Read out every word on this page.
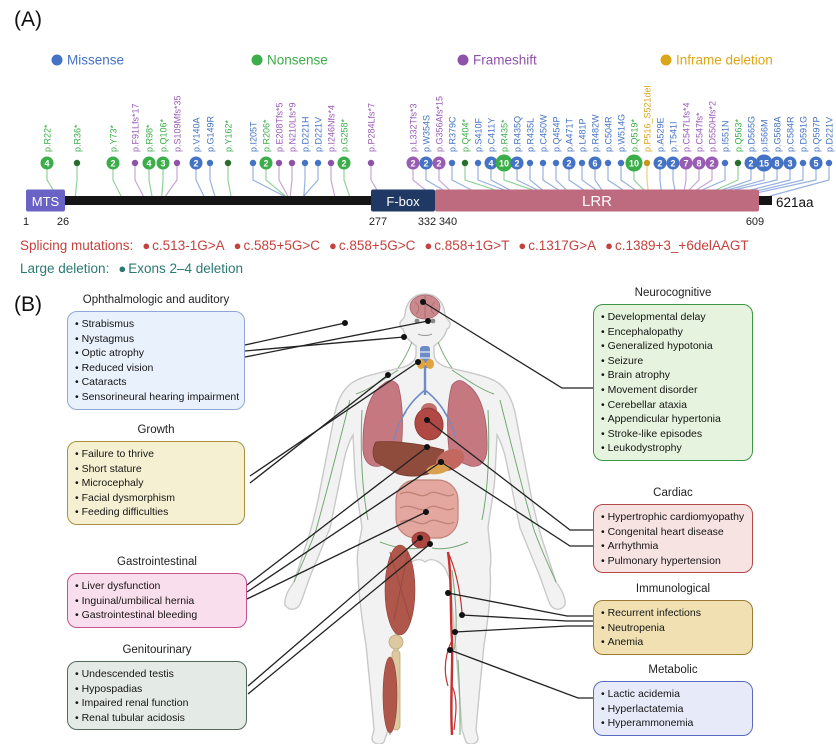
(A)
Missense	Nonsense	Frameshift	Inframe deletion
MTS	F-box	LRR
1	26	277	332 340	609
621aa
4	2	4 3	2	2	2	2 2 2	4 10 2	2 6	10 2 2 7 8 2	2 15 8 3 5
p.R22* p.R36*	p.Y73* p.F91Lfs*17 p.R98* p.Q106* p.S109Mfs*35 p.V140A p.G149R p.Y162* p.I205T p.R206* p.E208Tfs*5 p.N210Lfs*9 p.D221H p.D221V p.I246Nfs*4 p.G258* p.P284Lfs*7	p.L332Tfs*3 p.W354S p.G356Afs*15 p.R379C p.Q404* p.S410F p.C411Y p.R435* p.R435Q p.R435L p.C450W p.Q454P p.A471T p.L481P p.R482W p.C504R p.W514G p.Q519* p.P516_S521del p.A529E p.T541I p.C547Lfs*4 p.C547fs* p.D550Hfs*2 p.I551N p.Q563* p.D565G p.I566M p.G568A p.C584R p.D591G p.Q597P p.D221V
Splicing mutations: ● c.513-1G>A ● c.585+5G>C ● c.858+5G>C ● c.858+1G>T ● c.1317G>A ● c.1389+3_+6delAAGT
Large deletion: ● Exons 2–4 deletion
(B)	Ophthalmologic and auditory
• Strabismus
• Nystagmus
• Optic atrophy
• Reduced vision
• Cataracts
• Sensorineural hearing impairment
Growth
• Failure to thrive
• Short stature
• Microcephaly
• Facial dysmorphism
• Feeding difficulties
Gastrointestinal
• Liver dysfunction
• Inguinal/umbilical hernia
• Gastrointestinal bleeding
Genitourinary
• Undescended testis
• Hypospadias
• Impaired renal function
• Renal tubular acidosis
Neurocognitive
• Developmental delay
• Encephalopathy
• Generalized hypotonia
• Seizure
• Brain atrophy
• Movement disorder
• Cerebellar ataxia
• Appendicular hypertonia
• Stroke-like episodes
• Leukodystrophy
Cardiac
• Hypertrophic cardiomyopathy
• Congenital heart disease
• Arrhythmia
• Pulmonary hypertension
Immunological
• Recurrent infections
• Neutropenia
• Anemia
Metabolic
• Lactic acidemia
• Hyperlactatemia
• Hyperammonemia
